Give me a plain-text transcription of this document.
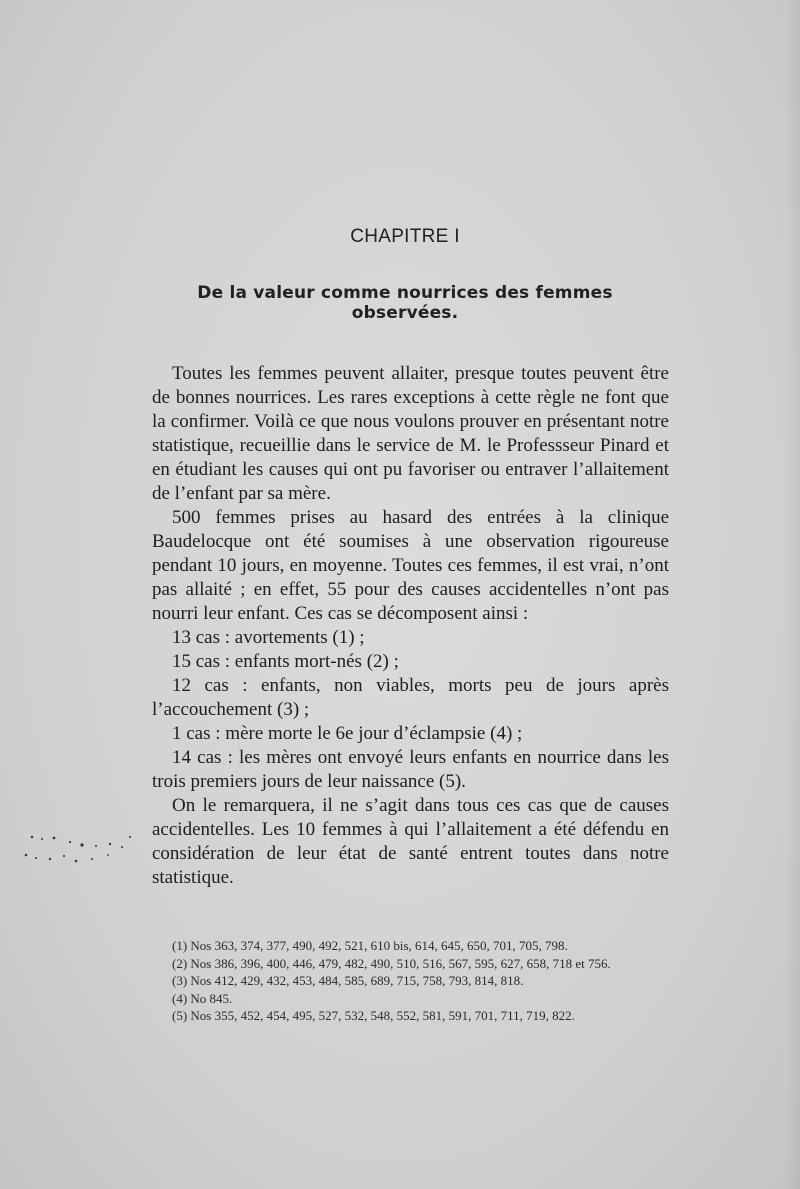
CHAPITRE I
De la valeur comme nourrices des femmes observées.

Toutes les femmes peuvent allaiter, presque toutes peuvent être de bonnes nourrices. Les rares exceptions à cette règle ne font que la confirmer. Voilà ce que nous voulons prouver en présentant notre statistique, recueillie dans le service de M. le Professseur Pinard et en étudiant les causes qui ont pu favoriser ou entraver l’allaitement de l’enfant par sa mère.

500 femmes prises au hasard des entrées à la clinique Baudelocque ont été soumises à une observation rigoureuse pendant 10 jours, en moyenne. Toutes ces femmes, il est vrai, n’ont pas allaité ; en effet, 55 pour des causes accidentelles n’ont pas nourri leur enfant. Ces cas se décomposent ainsi :

13 cas : avortements (1) ;
15 cas : enfants mort-nés (2) ;
12 cas : enfants, non viables, morts peu de jours après l’accouchement (3) ;
1 cas : mère morte le 6e jour d’éclampsie (4) ;
14 cas : les mères ont envoyé leurs enfants en nourrice dans les trois premiers jours de leur naissance (5).

On le remarquera, il ne s’agit dans tous ces cas que de causes accidentelles. Les 10 femmes à qui l’allaitement a été défendu en considération de leur état de santé entrent toutes dans notre statistique.

(1) Nos 363, 374, 377, 490, 492, 521, 610 bis, 614, 645, 650, 701, 705, 798.
(2) Nos 386, 396, 400, 446, 479, 482, 490, 510, 516, 567, 595, 627, 658, 718 et 756.
(3) Nos 412, 429, 432, 453, 484, 585, 689, 715, 758, 793, 814, 818.
(4) No 845.
(5) Nos 355, 452, 454, 495, 527, 532, 548, 552, 581, 591, 701, 711, 719, 822.
